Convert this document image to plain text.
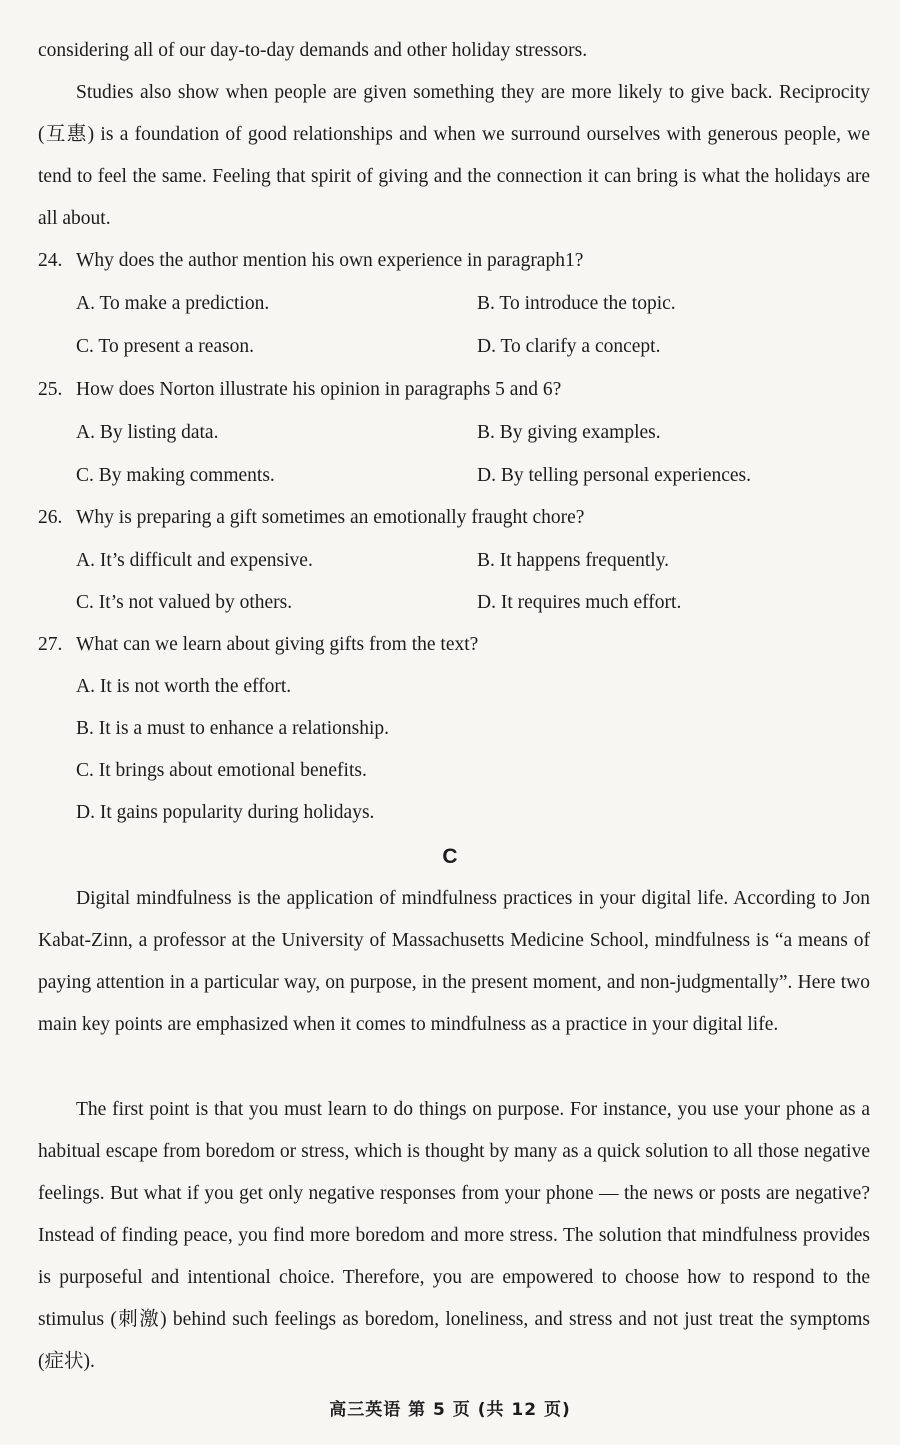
considering all of our day-to-day demands and other holiday stressors.

Studies also show when people are given something they are more likely to give back. Reciprocity (互惠) is a foundation of good relationships and when we surround ourselves with generous people, we tend to feel the same. Feeling that spirit of giving and the connection it can bring is what the holidays are all about.

24. Why does the author mention his own experience in paragraph1?
A. To make a prediction.	B. To introduce the topic.
C. To present a reason.	D. To clarify a concept.
25. How does Norton illustrate his opinion in paragraphs 5 and 6?
A. By listing data.	B. By giving examples.
C. By making comments.	D. By telling personal experiences.
26. Why is preparing a gift sometimes an emotionally fraught chore?
A. It’s difficult and expensive.	B. It happens frequently.
C. It’s not valued by others.	D. It requires much effort.
27. What can we learn about giving gifts from the text?
A. It is not worth the effort.
B. It is a must to enhance a relationship.
C. It brings about emotional benefits.
D. It gains popularity during holidays.
C

Digital mindfulness is the application of mindfulness practices in your digital life. According to Jon Kabat-Zinn, a professor at the University of Massachusetts Medicine School, mindfulness is “a means of paying attention in a particular way, on purpose, in the present moment, and non-judgmentally”. Here two main key points are emphasized when it comes to mindfulness as a practice in your digital life.

The first point is that you must learn to do things on purpose. For instance, you use your phone as a habitual escape from boredom or stress, which is thought by many as a quick solution to all those negative feelings. But what if you get only negative responses from your phone — the news or posts are negative? Instead of finding peace, you find more boredom and more stress. The solution that mindfulness provides is purposeful and intentional choice. Therefore, you are empowered to choose how to respond to the stimulus (刺激) behind such feelings as boredom, loneliness, and stress and not just treat the symptoms (症状).

高三英语 第 5 页 (共 12 页)
